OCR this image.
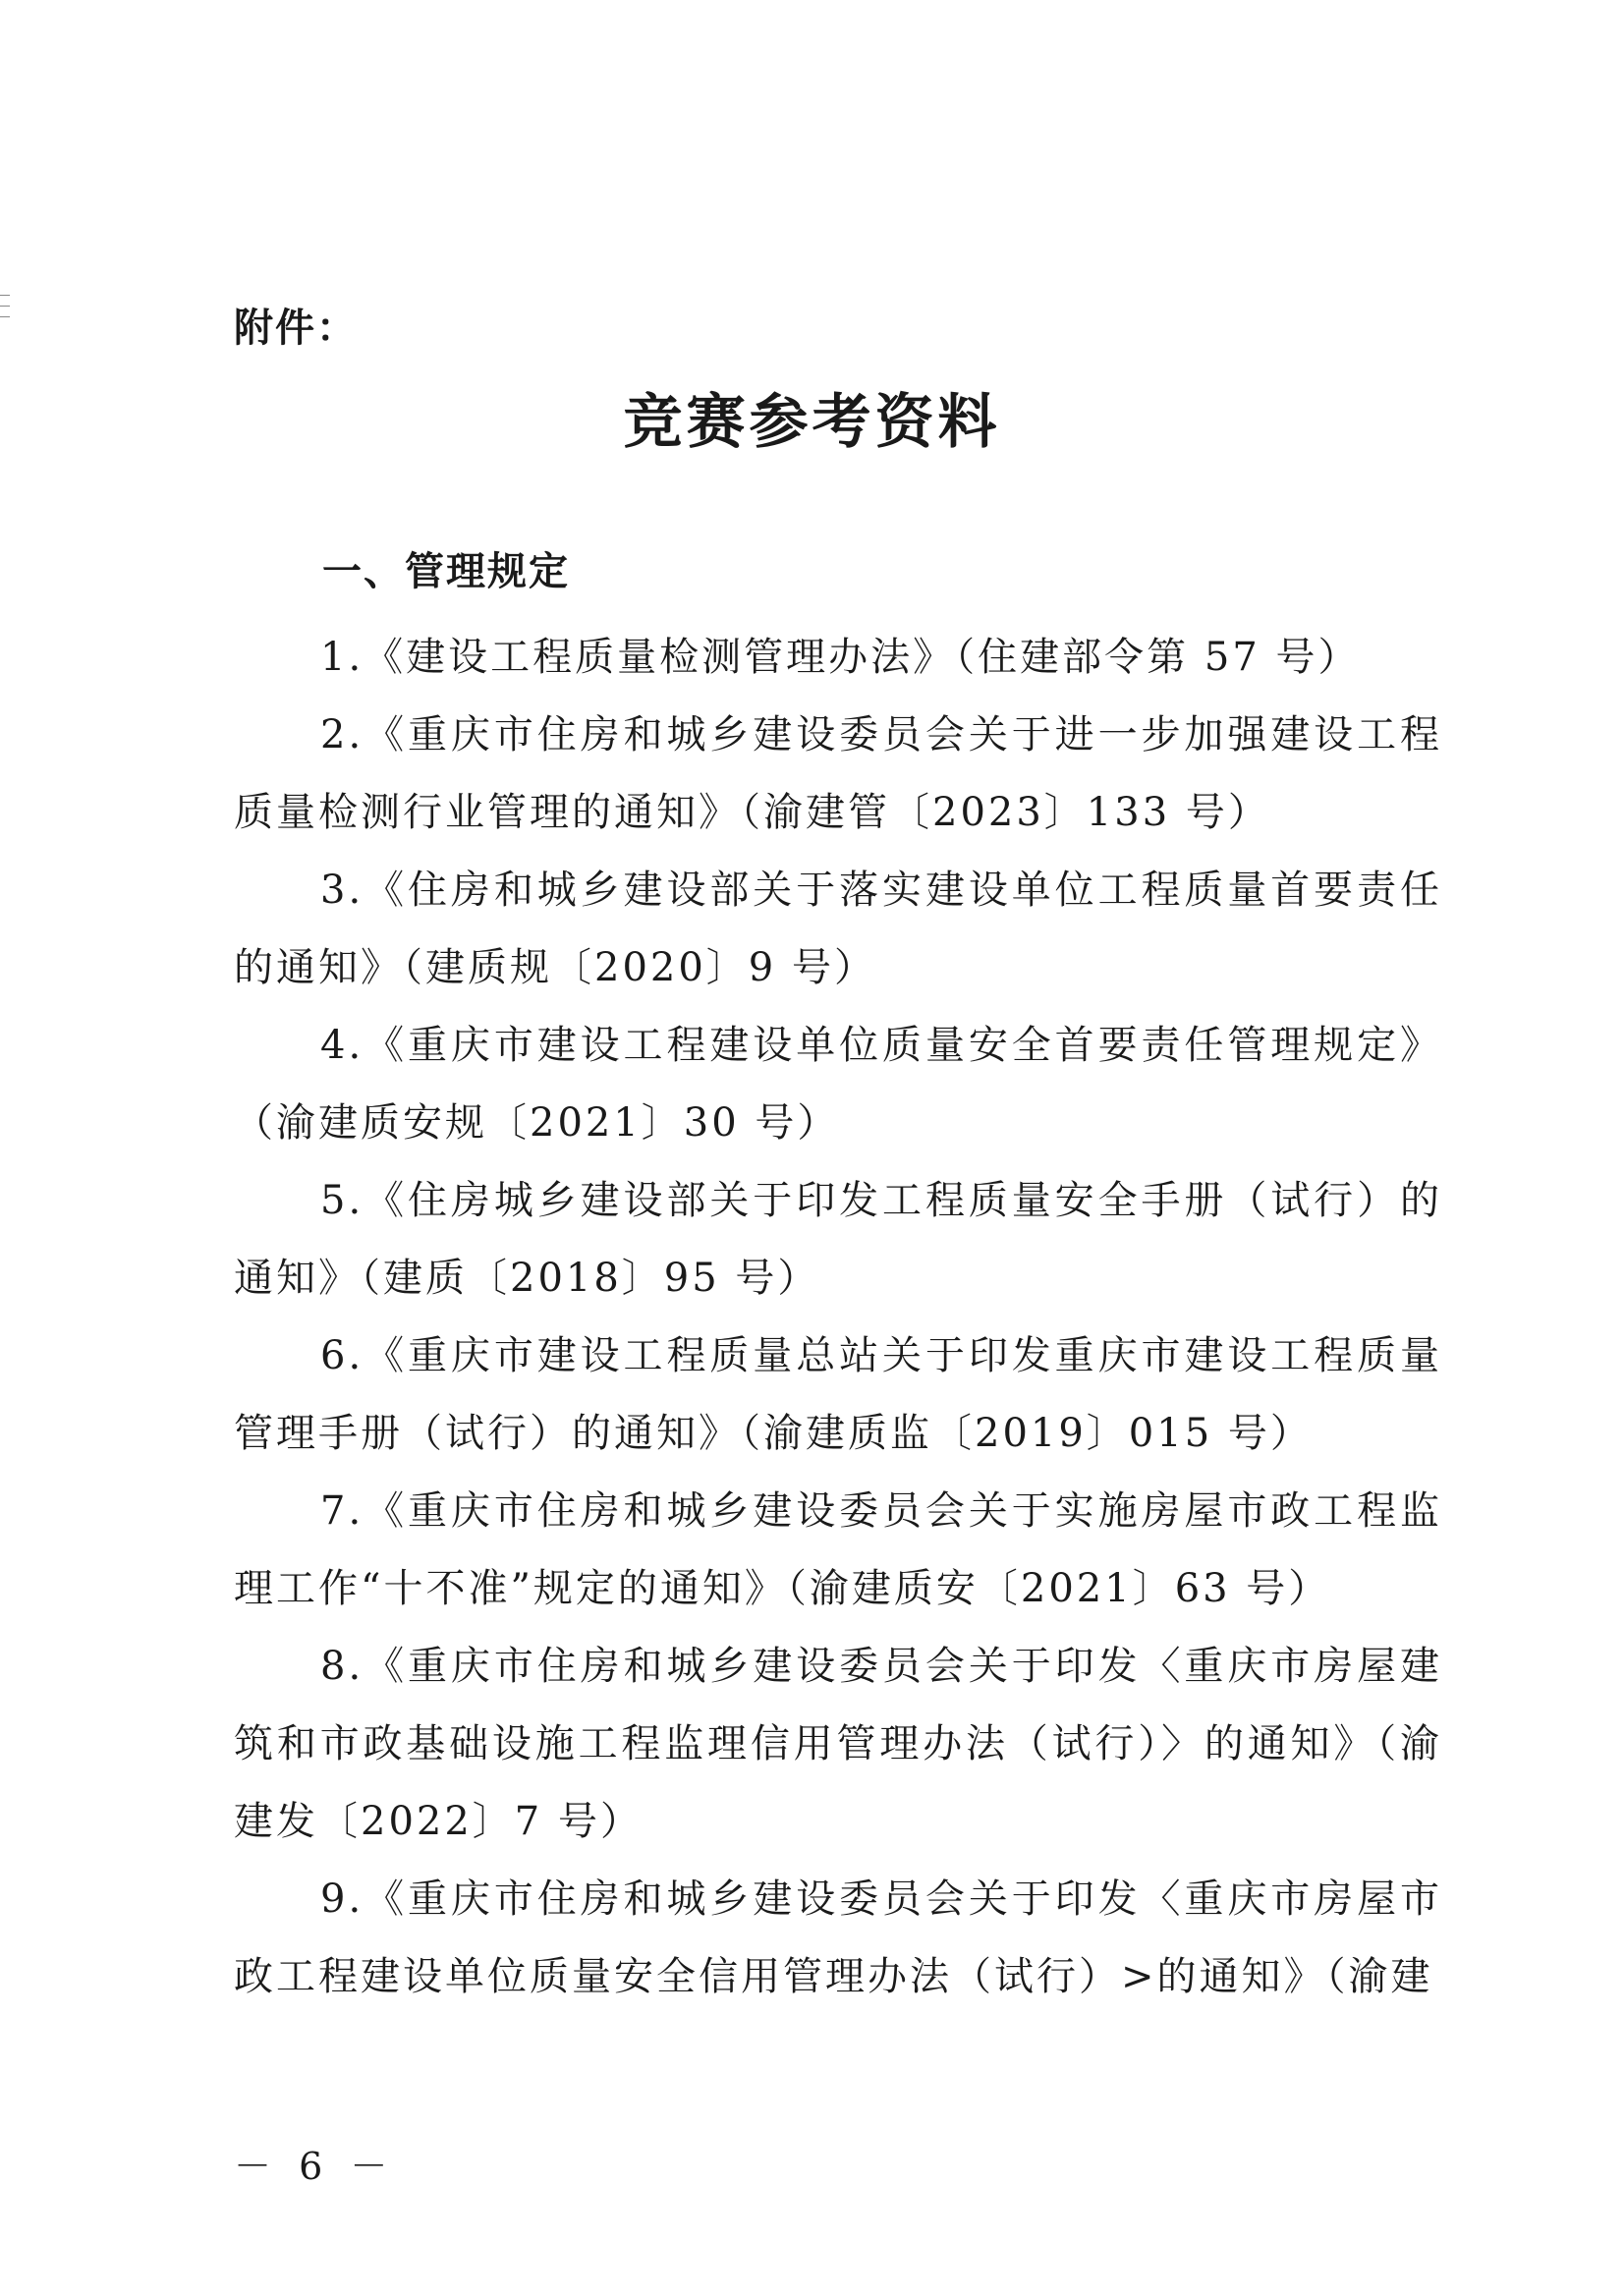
附件：
竞赛参考资料
一、管理规定

1.《建设工程质量检测管理办法》（住建部令第 57 号）

2.《重庆市住房和城乡建设委员会关于进一步加强建设工程质量检测行业管理的通知》（渝建管〔2023〕133 号）

3.《住房和城乡建设部关于落实建设单位工程质量首要责任的通知》（建质规〔2020〕9 号）

4.《重庆市建设工程建设单位质量安全首要责任管理规定》（渝建质安规〔2021〕30 号）

5.《住房城乡建设部关于印发工程质量安全手册（试行）的通知》（建质〔2018〕95 号）

6.《重庆市建设工程质量总站关于印发重庆市建设工程质量管理手册（试行）的通知》（渝建质监〔2019〕015 号）

7.《重庆市住房和城乡建设委员会关于实施房屋市政工程监理工作“十不准”规定的通知》（渝建质安〔2021〕63 号）

8.《重庆市住房和城乡建设委员会关于印发〈重庆市房屋建筑和市政基础设施工程监理信用管理办法（试行）〉的通知》（渝建发〔2022〕7 号）

9.《重庆市住房和城乡建设委员会关于印发〈重庆市房屋市政工程建设单位质量安全信用管理办法（试行）>的通知》（渝建

－ 6 －
